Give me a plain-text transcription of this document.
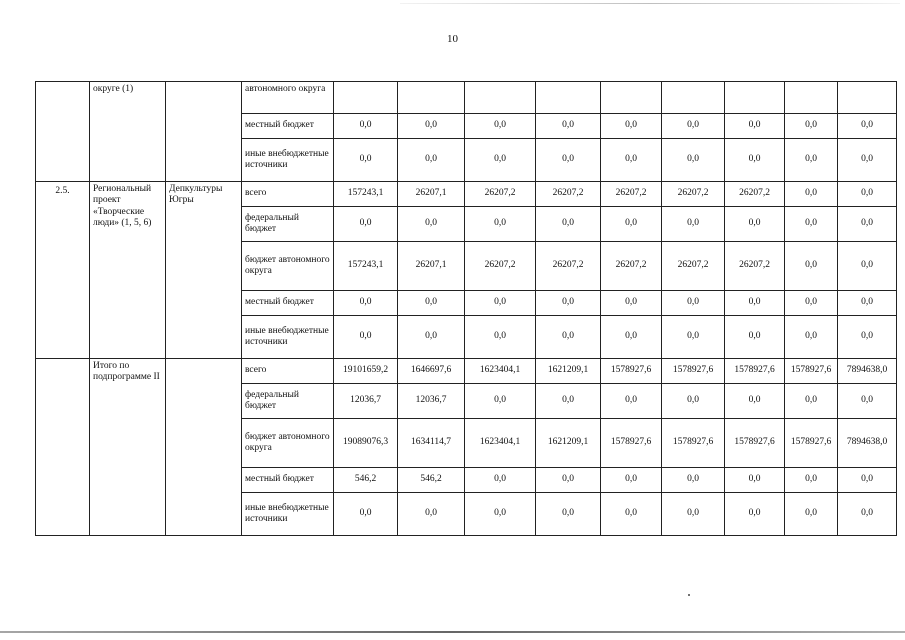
10
	округе (1)		автономного округа									
			местный бюджет	0,0	0,0	0,0	0,0	0,0	0,0	0,0	0,0	0,0
			иные внебюджетные источники	0,0	0,0	0,0	0,0	0,0	0,0	0,0	0,0	0,0
2.5.	Региональный проект «Творческие люди» (1, 5, 6)	Депкультуры Югры	всего	157243,1	26207,1	26207,2	26207,2	26207,2	26207,2	26207,2	0,0	0,0
			федеральный бюджет	0,0	0,0	0,0	0,0	0,0	0,0	0,0	0,0	0,0
			бюджет автономного округа	157243,1	26207,1	26207,2	26207,2	26207,2	26207,2	26207,2	0,0	0,0
			местный бюджет	0,0	0,0	0,0	0,0	0,0	0,0	0,0	0,0	0,0
			иные внебюджетные источники	0,0	0,0	0,0	0,0	0,0	0,0	0,0	0,0	0,0
	Итого по подпрограмме II		всего	19101659,2	1646697,6	1623404,1	1621209,1	1578927,6	1578927,6	1578927,6	1578927,6	7894638,0
			федеральный бюджет	12036,7	12036,7	0,0	0,0	0,0	0,0	0,0	0,0	0,0
			бюджет автономного округа	19089076,3	1634114,7	1623404,1	1621209,1	1578927,6	1578927,6	1578927,6	1578927,6	7894638,0
			местный бюджет	546,2	546,2	0,0	0,0	0,0	0,0	0,0	0,0	0,0
			иные внебюджетные источники	0,0	0,0	0,0	0,0	0,0	0,0	0,0	0,0	0,0
